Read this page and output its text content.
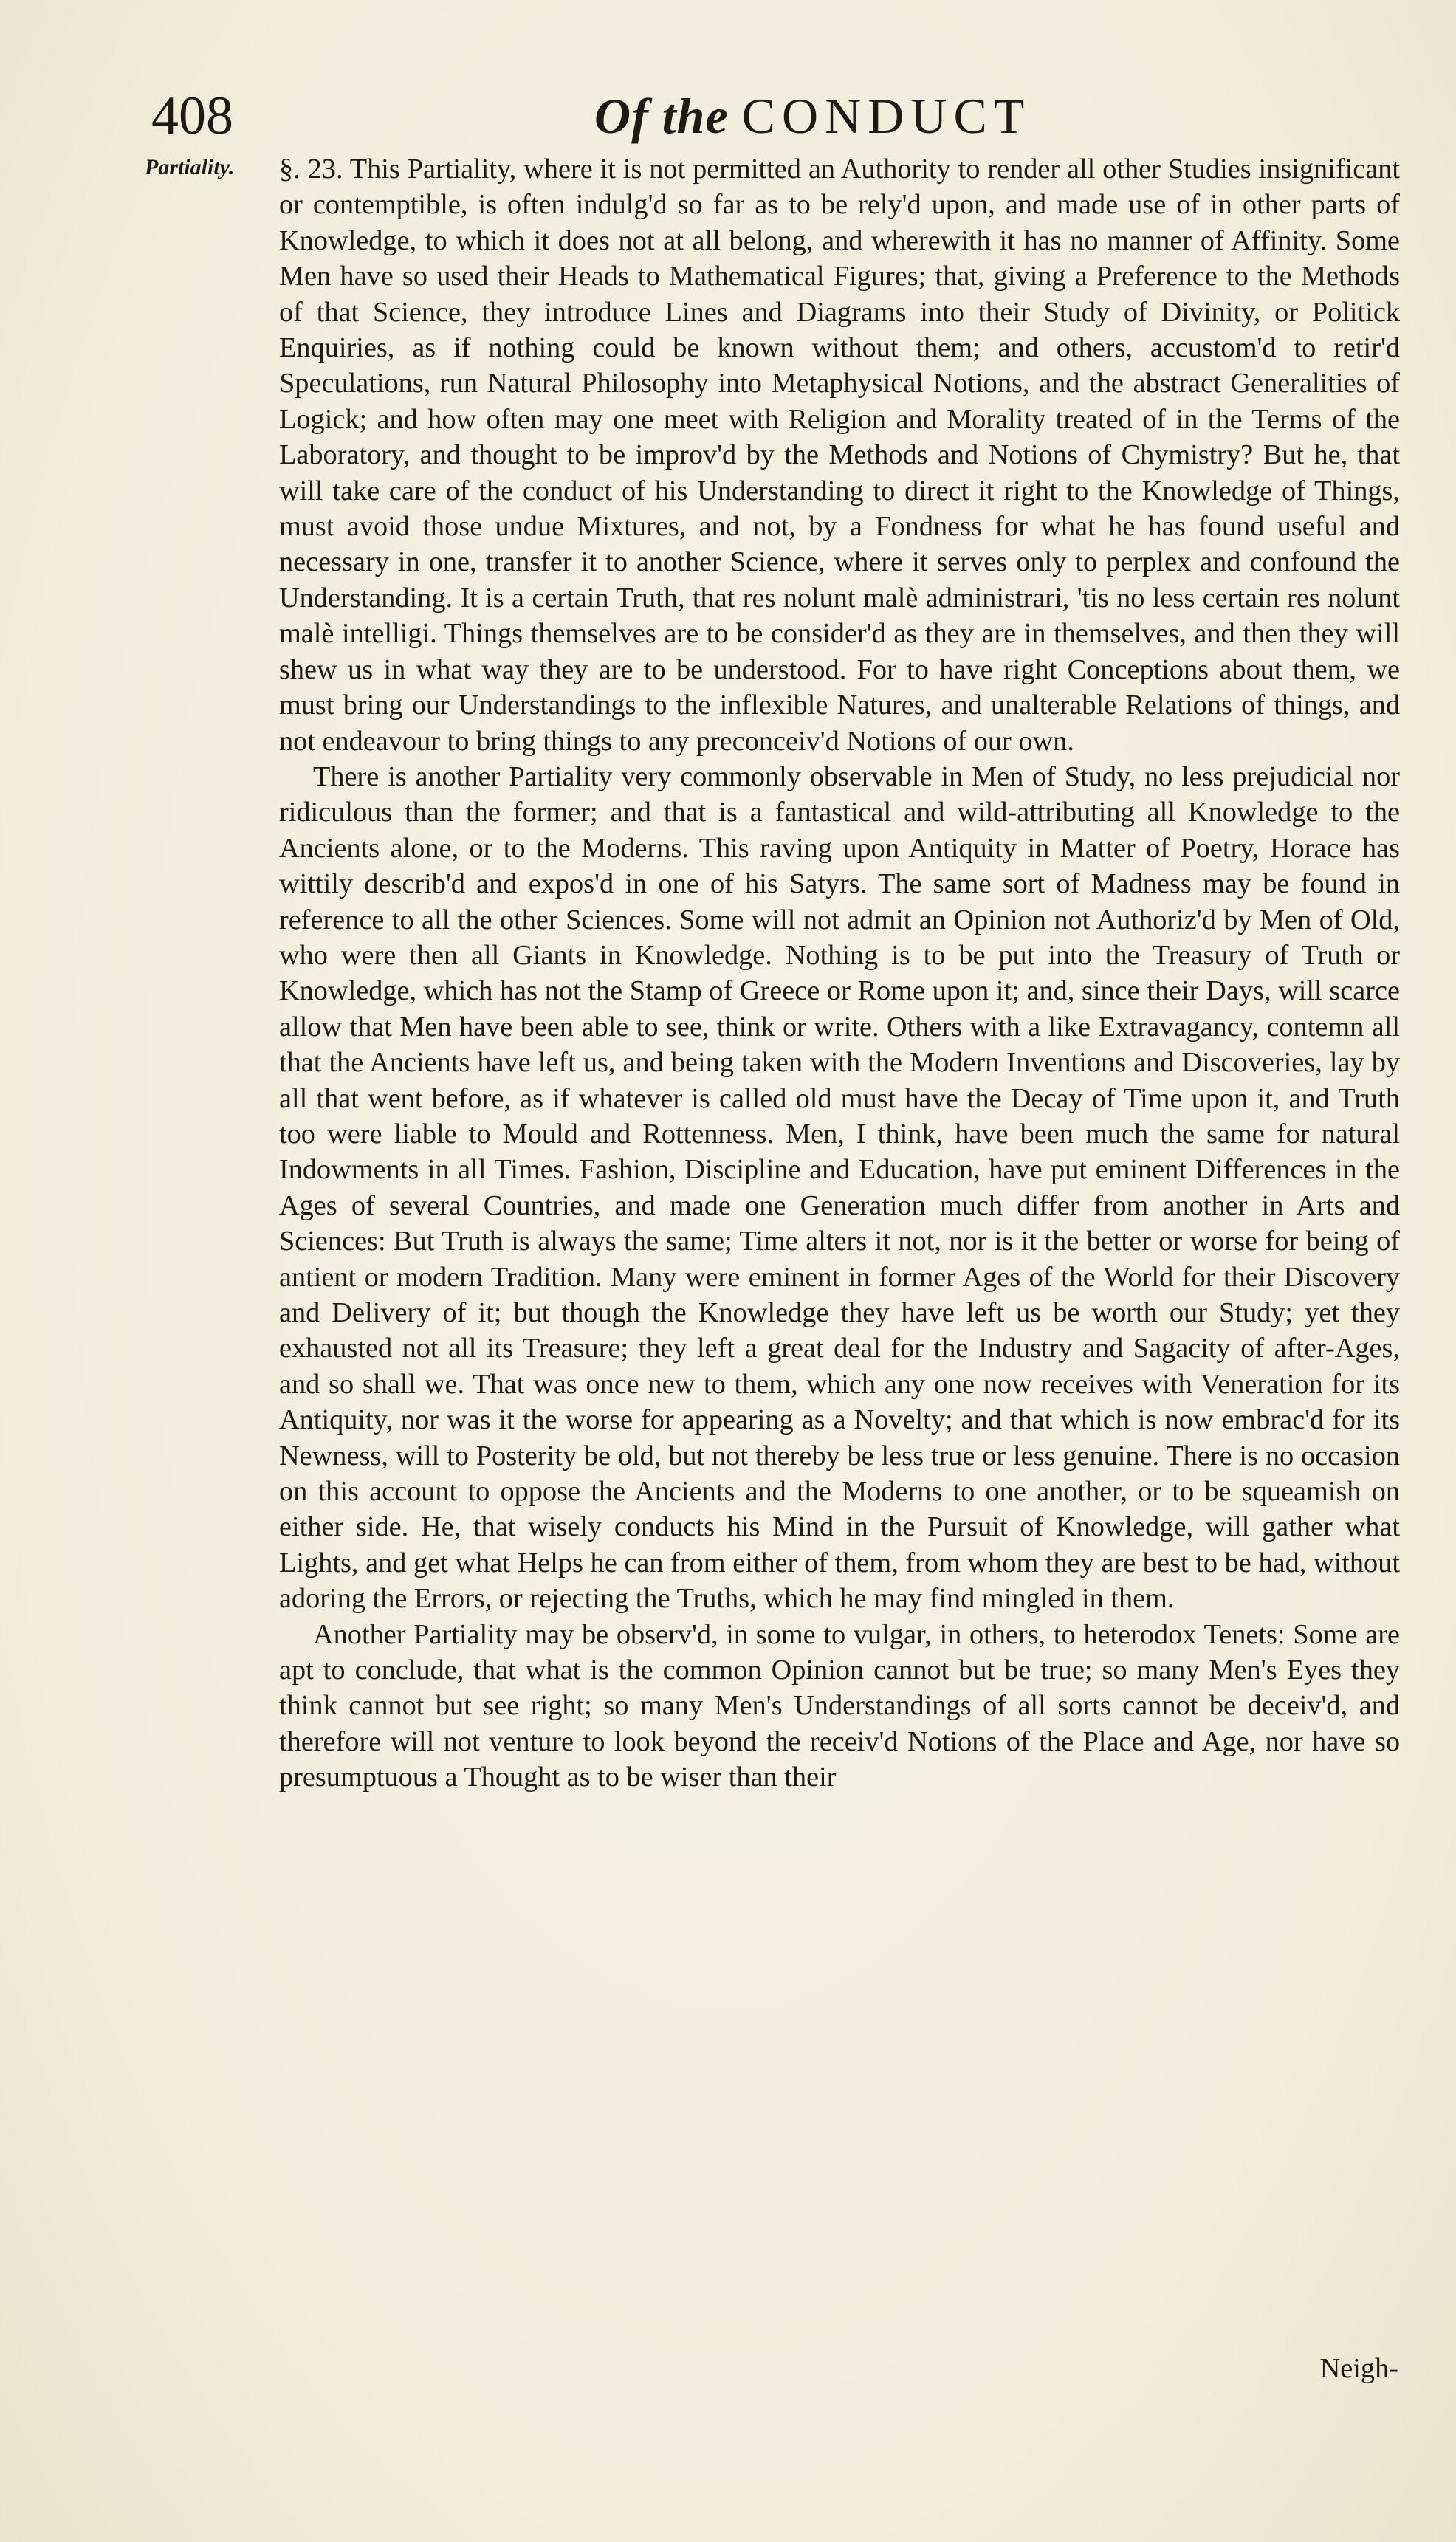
408	Of the CONDUCT
Partiality. §. 23. This Partiality, where it is not permitted an Authority to render all other Studies insignificant or contemptible, is often indulg'd so far as to be rely'd upon, and made use of in other parts of Knowledge, to which it does not at all belong, and wherewith it has no manner of Affinity. Some Men have so used their Heads to Mathematical Figures; that, giving a Preference to the Methods of that Science, they introduce Lines and Diagrams into their Study of Divinity, or Politick Enquiries, as if nothing could be known without them; and others, accustom'd to retir'd Speculations, run Natural Philosophy into Metaphysical Notions, and the abstract Generalities of Logick; and how often may one meet with Religion and Morality treated of in the Terms of the Laboratory, and thought to be improv'd by the Methods and Notions of Chymistry? But he, that will take care of the conduct of his Understanding to direct it right to the Knowledge of Things, must avoid those undue Mixtures, and not, by a Fondness for what he has found useful and necessary in one, transfer it to another Science, where it serves only to perplex and confound the Understanding. It is a certain Truth, that res nolunt malè administrari, 'tis no less certain res nolunt malè intelligi. Things themselves are to be consider'd as they are in themselves, and then they will shew us in what way they are to be understood. For to have right Conceptions about them, we must bring our Understandings to the inflexible Natures, and unalterable Relations of things, and not endeavour to bring things to any preconceiv'd Notions of our own.

There is another Partiality very commonly observable in Men of Study, no less prejudicial nor ridiculous than the former; and that is a fantastical and wild-attributing all Knowledge to the Ancients alone, or to the Moderns. This raving upon Antiquity in Matter of Poetry, Horace has wittily describ'd and expos'd in one of his Satyrs. The same sort of Madness may be found in reference to all the other Sciences. Some will not admit an Opinion not Authoriz'd by Men of Old, who were then all Giants in Knowledge. Nothing is to be put into the Treasury of Truth or Knowledge, which has not the Stamp of Greece or Rome upon it; and, since their Days, will scarce allow that Men have been able to see, think or write. Others with a like Extravagancy, contemn all that the Ancients have left us, and being taken with the Modern Inventions and Discoveries, lay by all that went before, as if whatever is called old must have the Decay of Time upon it, and Truth too were liable to Mould and Rottenness. Men, I think, have been much the same for natural Indowments in all Times. Fashion, Discipline and Education, have put eminent Differences in the Ages of several Countries, and made one Generation much differ from another in Arts and Sciences: But Truth is always the same; Time alters it not, nor is it the better or worse for being of antient or modern Tradition. Many were eminent in former Ages of the World for their Discovery and Delivery of it; but though the Knowledge they have left us be worth our Study; yet they exhausted not all its Treasure; they left a great deal for the Industry and Sagacity of after-Ages, and so shall we. That was once new to them, which any one now receives with Veneration for its Antiquity, nor was it the worse for appearing as a Novelty; and that which is now embrac'd for its Newness, will to Posterity be old, but not thereby be less true or less genuine. There is no occasion on this account to oppose the Ancients and the Moderns to one another, or to be squeamish on either side. He, that wisely conducts his Mind in the Pursuit of Knowledge, will gather what Lights, and get what Helps he can from either of them, from whom they are best to be had, without adoring the Errors, or rejecting the Truths, which he may find mingled in them.

Another Partiality may be observ'd, in some to vulgar, in others, to heterodox Tenets: Some are apt to conclude, that what is the common Opinion cannot but be true; so many Men's Eyes they think cannot but see right; so many Men's Understandings of all sorts cannot be deceiv'd, and therefore will not venture to look beyond the receiv'd Notions of the Place and Age, nor have so presumptuous a Thought as to be wiser than their

Neigh-
